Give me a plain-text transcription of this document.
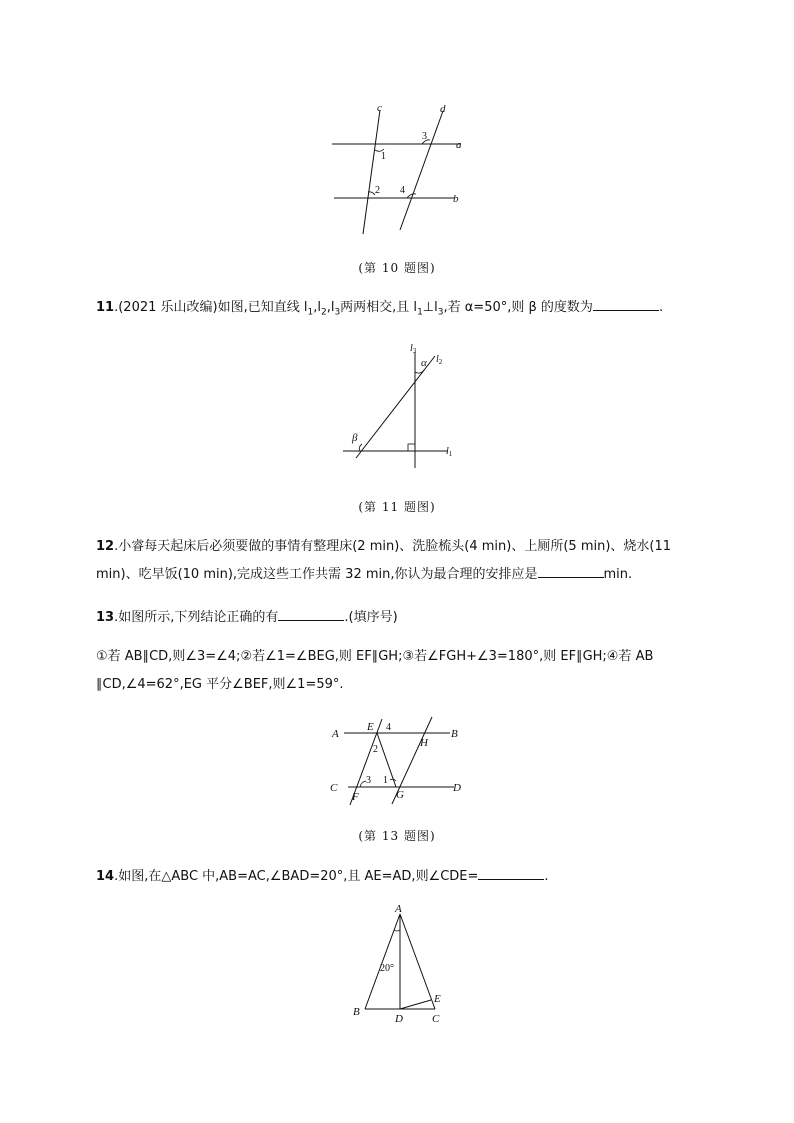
c	d
a
b
1
2
3
4
(第 10 题图)
11.(2021 乐山改编)如图,已知直线 $l_1,l_2,l_3$两两相交,且 $l_1\perp l_3$,若 α=50°,则 β 的度数为	.
$l_3$
$l_2$
$l_1$
α
β
(第 11 题图)
12.小睿每天起床后必须要做的事情有整理床(2 min)、洗脸梳头(4 min)、上厕所(5 min)、烧水(11
min)、吃早饭(10 min),完成这些工作共需 32 min,你认为最合理的安排应是	min.
13.如图所示,下列结论正确的有	.(填序号)
①若 AB∥CD,则∠3=∠4;②若∠1=∠BEG,则 EF∥GH;③若∠FGH+∠3=180°,则 EF∥GH;④若 AB
∥CD,∠4=62°,EG 平分∠BEF,则∠1=59°.
A	B
C	D
E
F	G
H
4
2
3 1
(第 13 题图)
14.如图,在△ABC 中,AB=AC,∠BAD=20°,且 AE=AD,则∠CDE=	.
A
B
C
D
E
20°
